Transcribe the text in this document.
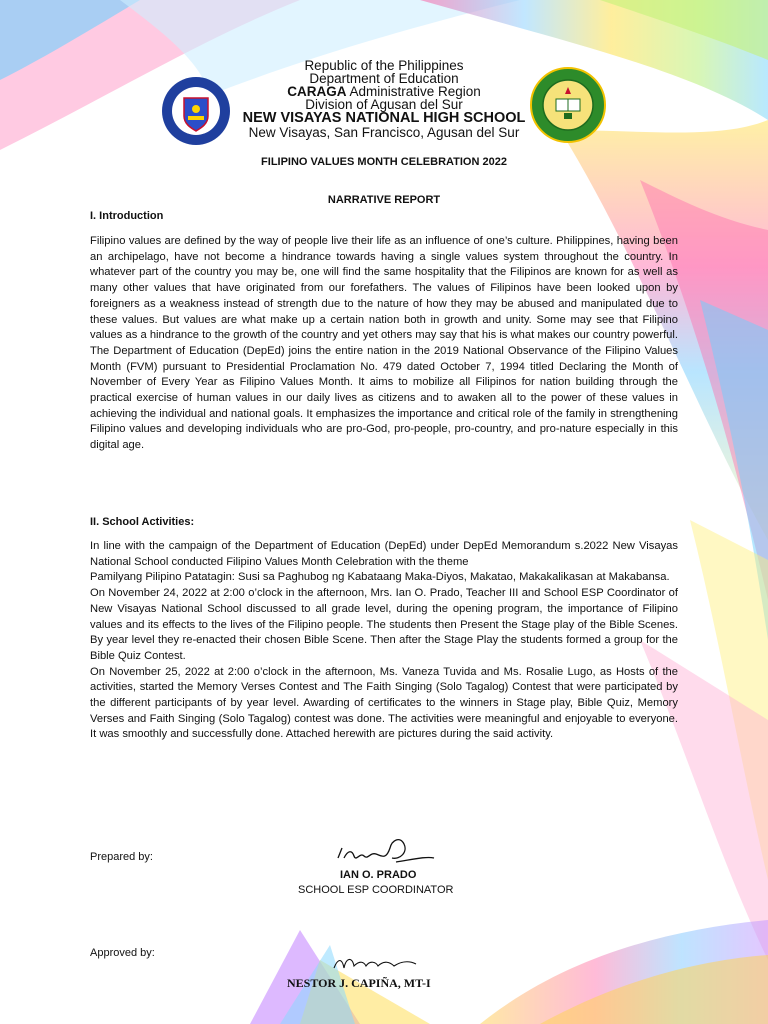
Republic of the Philippines
Department of Education
CARAGA Administrative Region
Division of Agusan del Sur
NEW VISAYAS NATIONAL HIGH SCHOOL
New Visayas, San Francisco, Agusan del Sur
FILIPINO VALUES MONTH CELEBRATION 2022
NARRATIVE REPORT
I. Introduction

Filipino values are defined by the way of people live their life as an influence of one’s culture. Philippines, having been an archipelago, have not become a hindrance towards having a single values system throughout the country. In whatever part of the country you may be, one will find the same hospitality that the Filipinos are known for as well as many other values that have originated from our forefathers. The values of Filipinos have been looked upon by foreigners as a weakness instead of strength due to the nature of how they may be abused and manipulated due to these values. But values are what make up a certain nation both in growth and unity. Some may see that Filipino values as a hindrance to the growth of the country and yet others may say that his is what makes our country powerful. The Department of Education (DepEd) joins the entire nation in the 2019 National Observance of the Filipino Values Month (FVM) pursuant to Presidential Proclamation No. 479 dated October 7, 1994 titled Declaring the Month of November of Every Year as Filipino Values Month. It aims to mobilize all Filipinos for nation building through the practical exercise of human values in our daily lives as citizens and to awaken all to the power of these values in achieving the individual and national goals. It emphasizes the importance and critical role of the family in strengthening Filipino values and developing individuals who are pro-God, pro-people, pro-country, and pro-nature especially in this digital age.

II. School Activities:
In line with the campaign of the Department of Education (DepEd) under DepEd Memorandum s.2022 New Visayas National School conducted Filipino Values Month Celebration with the theme
Pamilyang Pilipino Patatagin: Susi sa Paghubog ng Kabataang Maka-Diyos, Makatao, Makakalikasan at Makabansa.
On November 24, 2022 at 2:00 o’clock in the afternoon, Mrs. Ian O. Prado, Teacher III and School ESP Coordinator of New Visayas National School discussed to all grade level, during the opening program, the importance of Filipino values and its effects to the lives of the Filipino people. The students then Present the Stage play of the Bible Scenes. By year level they re-enacted their chosen Bible Scene. Then after the Stage Play the students formed a group for the Bible Quiz Contest.
On November 25, 2022 at 2:00 o’clock in the afternoon, Ms. Vaneza Tuvida and Ms. Rosalie Lugo, as Hosts of the activities, started the Memory Verses Contest and The Faith Singing (Solo Tagalog) Contest that were participated by the different participants of by year level. Awarding of certificates to the winners in Stage play, Bible Quiz, Memory Verses and Faith Singing (Solo Tagalog) contest was done. The activities were meaningful and enjoyable to everyone. It was smoothly and successfully done. Attached herewith are pictures during the said activity.
Prepared by:
IAN O. PRADO
SCHOOL ESP COORDINATOR
Approved by:
NESTOR J. CAPIÑA, MT-I
